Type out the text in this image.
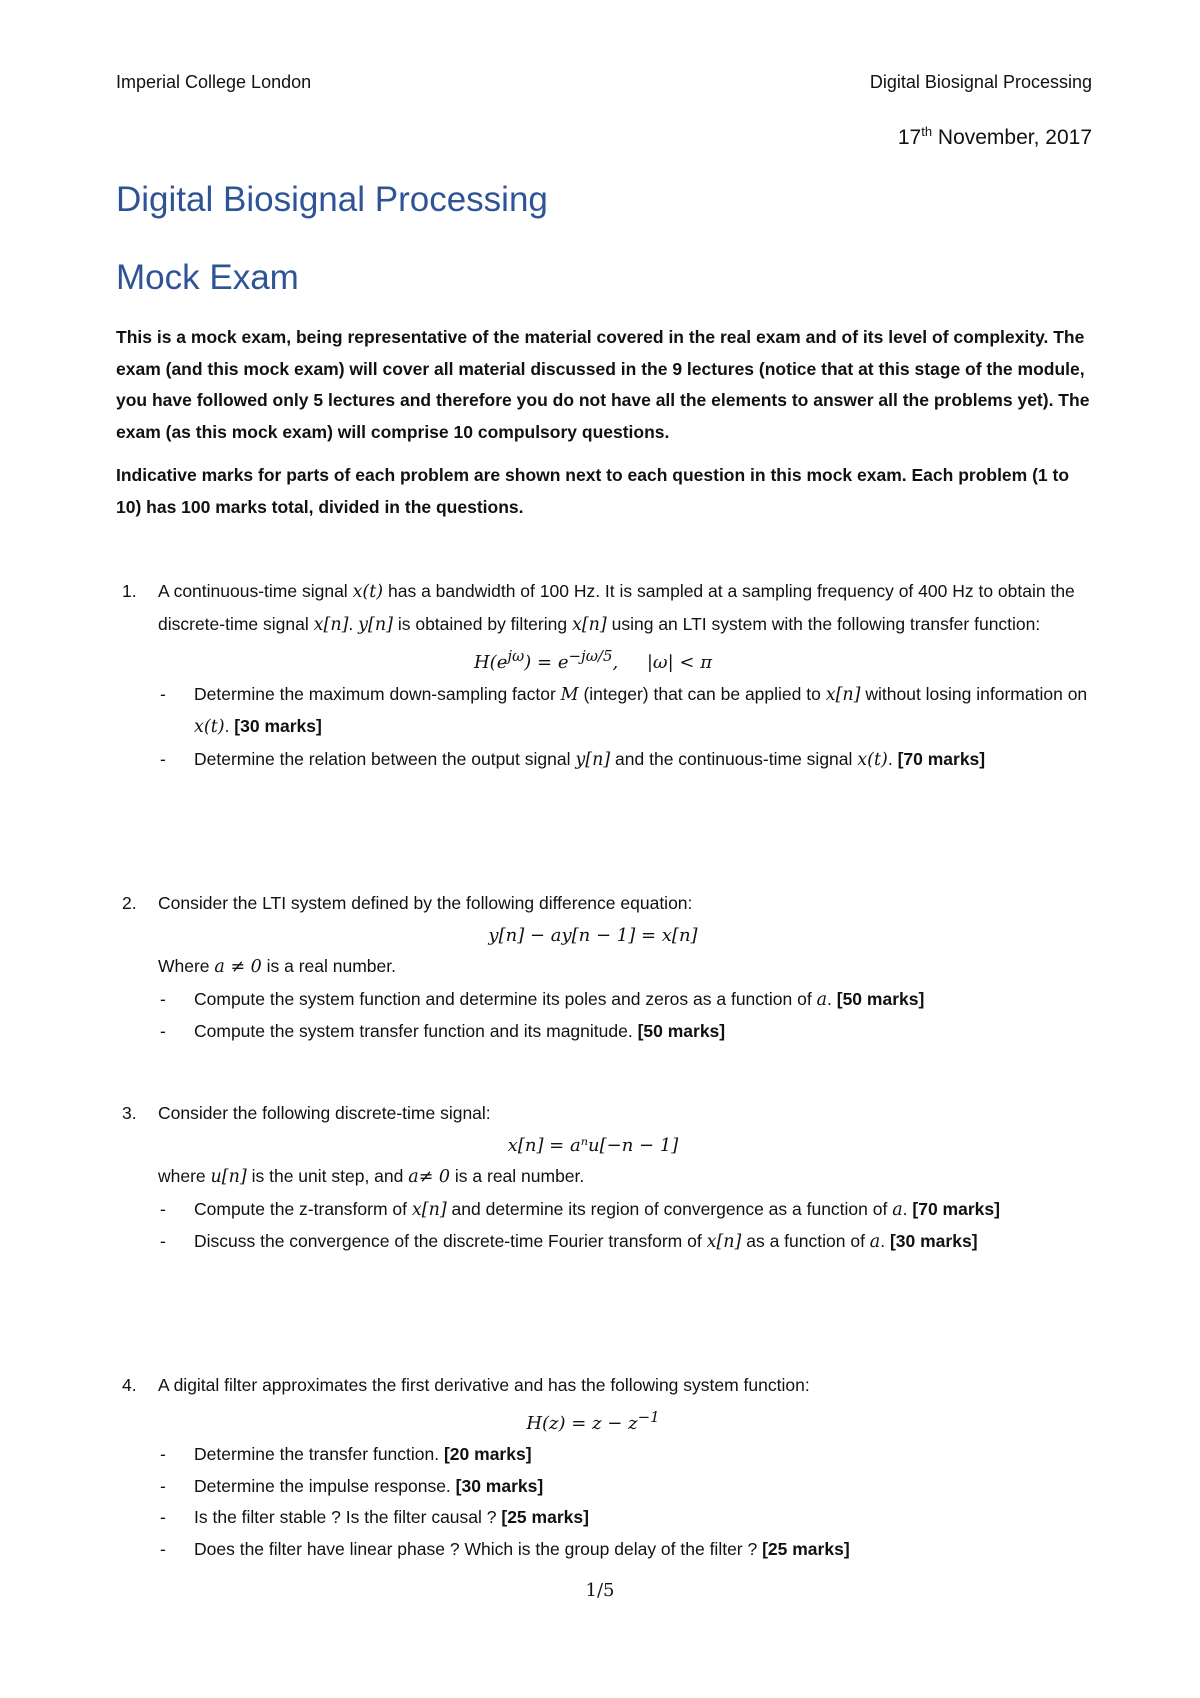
Imperial College London	Digital Biosignal Processing
17th November, 2017
Digital Biosignal Processing
Mock Exam

This is a mock exam, being representative of the material covered in the real exam and of its level of complexity. The exam (and this mock exam) will cover all material discussed in the 9 lectures (notice that at this stage of the module, you have followed only 5 lectures and therefore you do not have all the elements to answer all the problems yet). The exam (as this mock exam) will comprise 10 compulsory questions.

Indicative marks for parts of each problem are shown next to each question in this mock exam. Each problem (1 to 10) has 100 marks total, divided in the questions.

1. A continuous-time signal x(t) has a bandwidth of 100 Hz. It is sampled at a sampling frequency of 400 Hz to obtain the discrete-time signal x[n]. y[n] is obtained by filtering x[n] using an LTI system with the following transfer function:
$H(e^{j\omega}) = e^{-j\omega/5}$,     |ω| < π
- Determine the maximum down-sampling factor M (integer) that can be applied to x[n] without losing information on x(t). [30 marks]
- Determine the relation between the output signal y[n] and the continuous-time signal x(t). [70 marks]
2. Consider the LTI system defined by the following difference equation:
y[n] − ay[n − 1] = x[n]
Where a ≠ 0 is a real number.
- Compute the system function and determine its poles and zeros as a function of a. [50 marks]
- Compute the system transfer function and its magnitude. [50 marks]
3. Consider the following discrete-time signal:
x[n] = aⁿu[−n − 1]
where u[n] is the unit step, and a≠ 0 is a real number.
- Compute the z-transform of x[n] and determine its region of convergence as a function of a. [70 marks]
- Discuss the convergence of the discrete-time Fourier transform of x[n] as a function of a. [30 marks]
4. A digital filter approximates the first derivative and has the following system function:
$H(z) = z - z^{-1}$
- Determine the transfer function. [20 marks]
- Determine the impulse response. [30 marks]
- Is the filter stable ? Is the filter causal ? [25 marks]
- Does the filter have linear phase ? Which is the group delay of the filter ? [25 marks]
1/5
